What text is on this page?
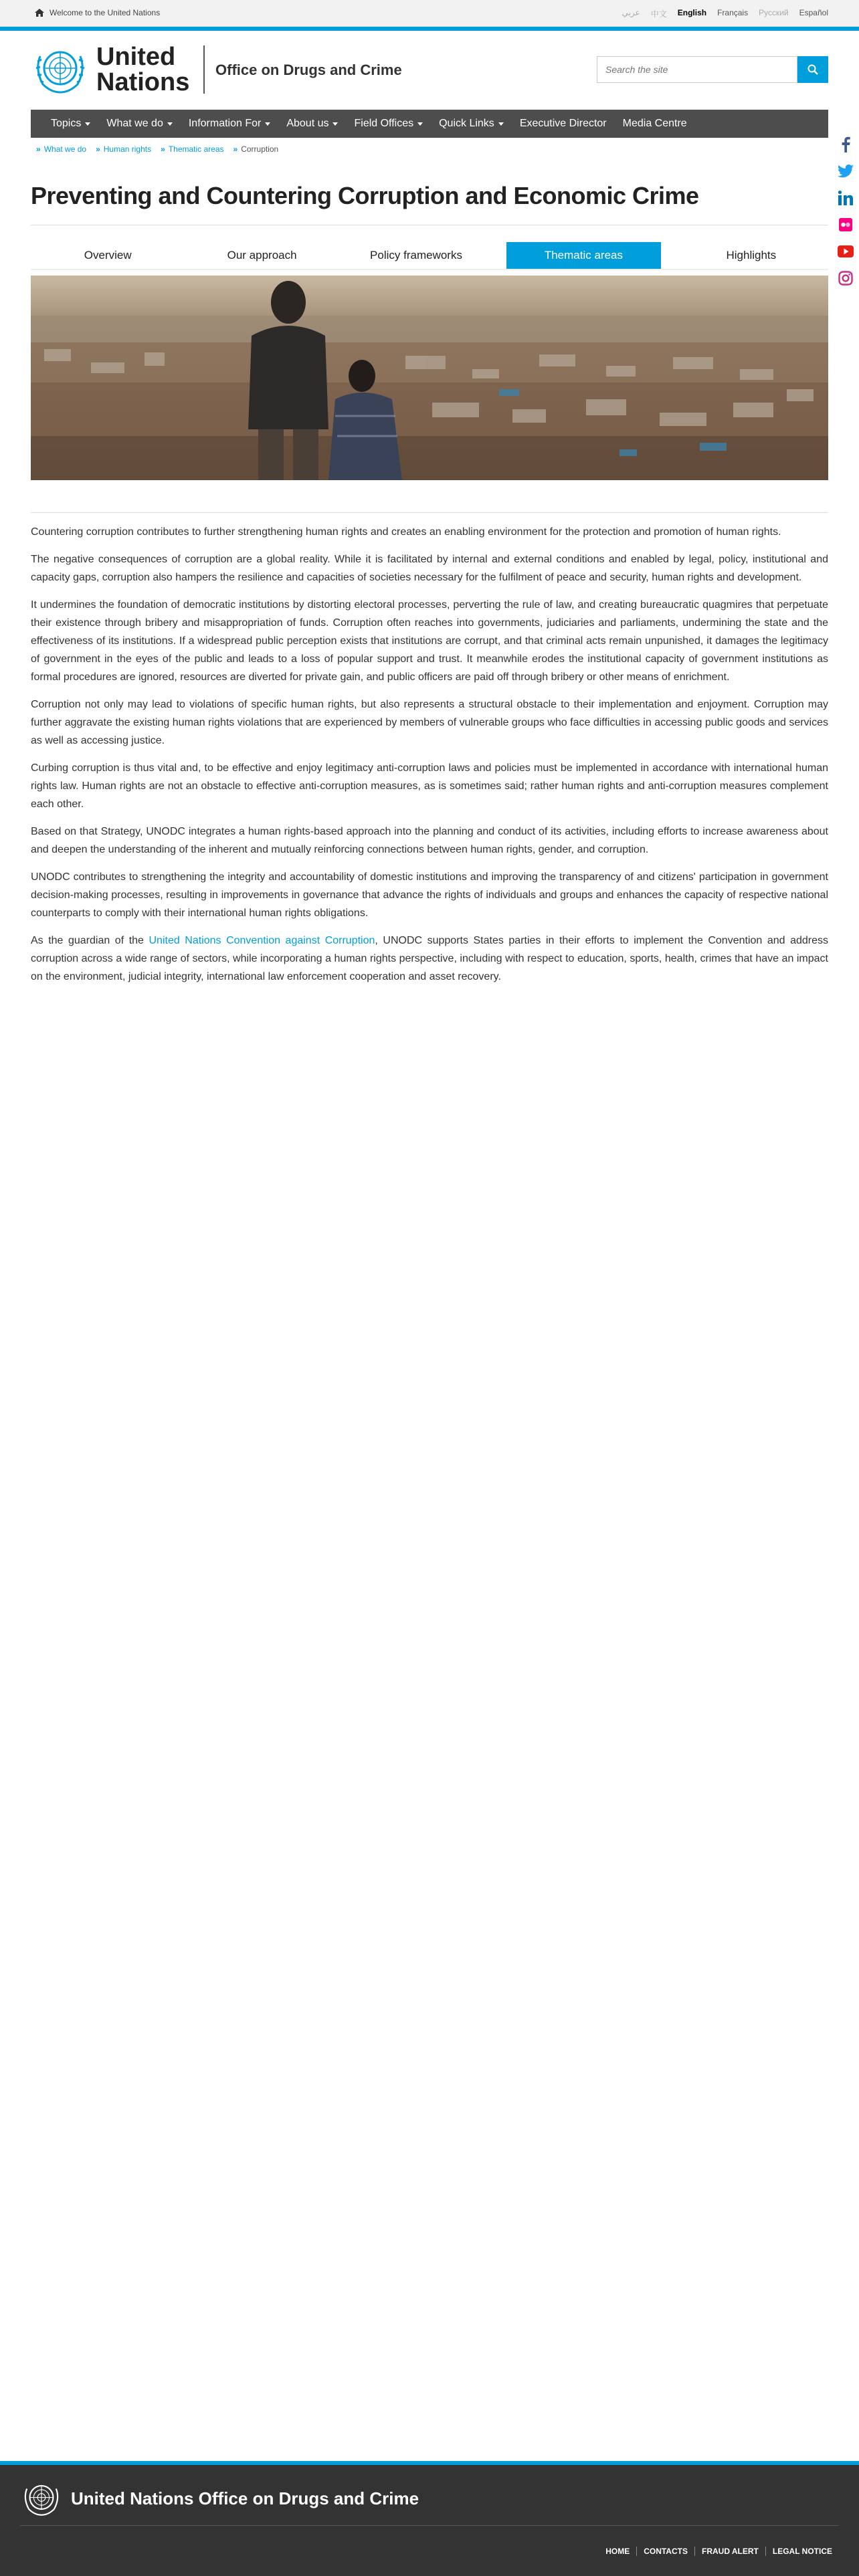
Welcome to the United Nations	عربي 中文 English Français Русский Español
United
Nations Office on Drugs and Crime
Search the site
Topics What we do Information For About us Field Offices Quick Links Executive Director Media Centre
» What we do » Human rights » Thematic areas » Corruption
Preventing and Countering Corruption and Economic Crime
Overview	Our approach	Policy frameworks	Thematic areas	Highlights

Countering corruption contributes to further strengthening human rights and creates an enabling environment for the protection and promotion of human rights.

The negative consequences of corruption are a global reality. While it is facilitated by internal and external conditions and enabled by legal, policy, institutional and capacity gaps, corruption also hampers the resilience and capacities of societies necessary for the fulfilment of peace and security, human rights and development.

It undermines the foundation of democratic institutions by distorting electoral processes, perverting the rule of law, and creating bureaucratic quagmires that perpetuate their existence through bribery and misappropriation of funds. Corruption often reaches into governments, judiciaries and parliaments, undermining the state and the effectiveness of its institutions. If a widespread public perception exists that institutions are corrupt, and that criminal acts remain unpunished, it damages the legitimacy of government in the eyes of the public and leads to a loss of popular support and trust. It meanwhile erodes the institutional capacity of government institutions as formal procedures are ignored, resources are diverted for private gain, and public officers are paid off through bribery or other means of enrichment.

Corruption not only may lead to violations of specific human rights, but also represents a structural obstacle to their implementation and enjoyment. Corruption may further aggravate the existing human rights violations that are experienced by members of vulnerable groups who face difficulties in accessing public goods and services as well as accessing justice.

Curbing corruption is thus vital and, to be effective and enjoy legitimacy anti-corruption laws and policies must be implemented in accordance with international human rights law. Human rights are not an obstacle to effective anti-corruption measures, as is sometimes said; rather human rights and anti-corruption measures complement each other.

Based on that Strategy, UNODC integrates a human rights-based approach into the planning and conduct of its activities, including efforts to increase awareness about and deepen the understanding of the inherent and mutually reinforcing connections between human rights, gender, and corruption.

UNODC contributes to strengthening the integrity and accountability of domestic institutions and improving the transparency of and citizens' participation in government decision-making processes, resulting in improvements in governance that advance the rights of individuals and groups and enhances the capacity of respective national counterparts to comply with their international human rights obligations.

As the guardian of the United Nations Convention against Corruption, UNODC supports States parties in their efforts to implement the Convention and address corruption across a wide range of sectors, while incorporating a human rights perspective, including with respect to education, sports, health, crimes that have an impact on the environment, judicial integrity, international law enforcement cooperation and asset recovery.

United Nations Office on Drugs and Crime
HOME	CONTACTS	FRAUD ALERT	LEGAL NOTICE
